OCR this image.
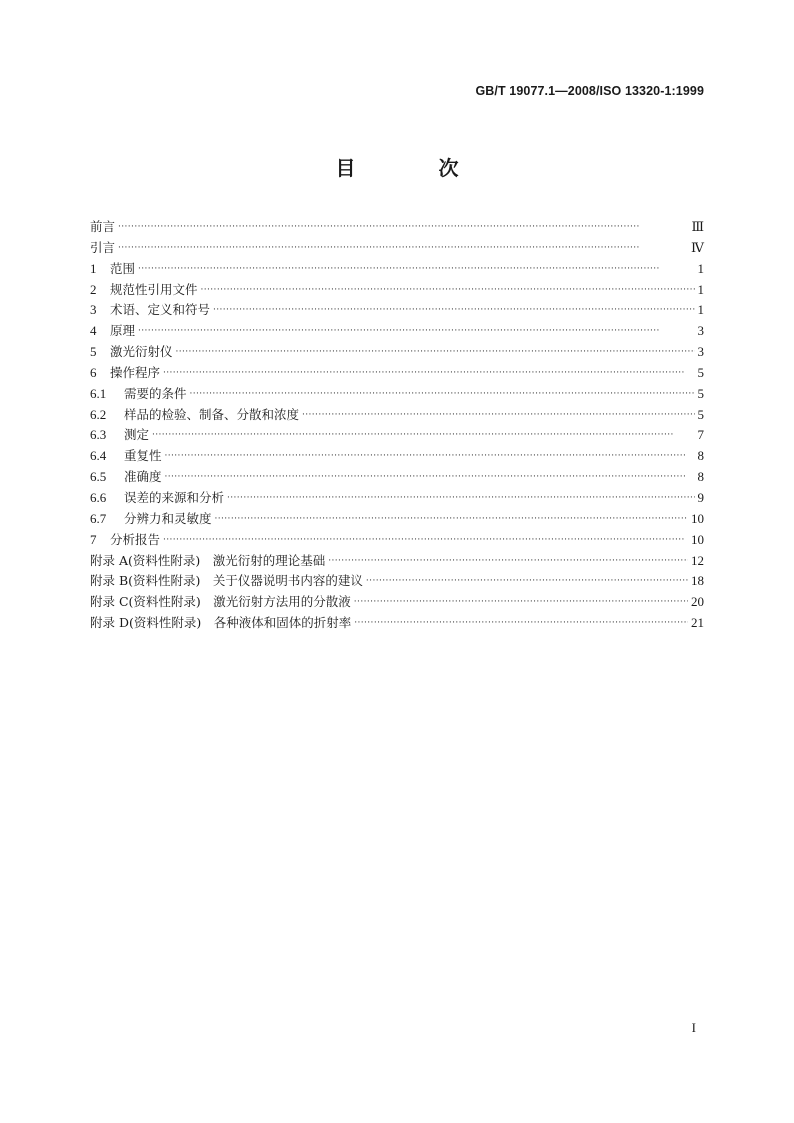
GB/T 19077.1—2008/ISO 13320-1:1999
目 次
前言 ·····	Ⅲ
引言 ·····	Ⅳ
1	范围 ·····	1
2	规范性引用文件 ·····	1
3	术语、定义和符号 ·····	1
4	原理 ·····	3
5	激光衍射仪 ·····	3
6	操作程序 ·····	5
6.1	需要的条件 ·····	5
6.2	样品的检验、制备、分散和浓度 ·····	5
6.3	测定 ·····	7
6.4	重复性 ·····	8
6.5	准确度 ·····	8
6.6	误差的来源和分析 ·····	9
6.7	分辨力和灵敏度 ·····	10
7	分析报告 ·····	10
附录 A(资料性附录)　激光衍射的理论基础 ·····	12
附录 B(资料性附录)　关于仪器说明书内容的建议 ·····	18
附录 C(资料性附录)　激光衍射方法用的分散液 ·····	20
附录 D(资料性附录)　各种液体和固体的折射率 ·····	21
I
